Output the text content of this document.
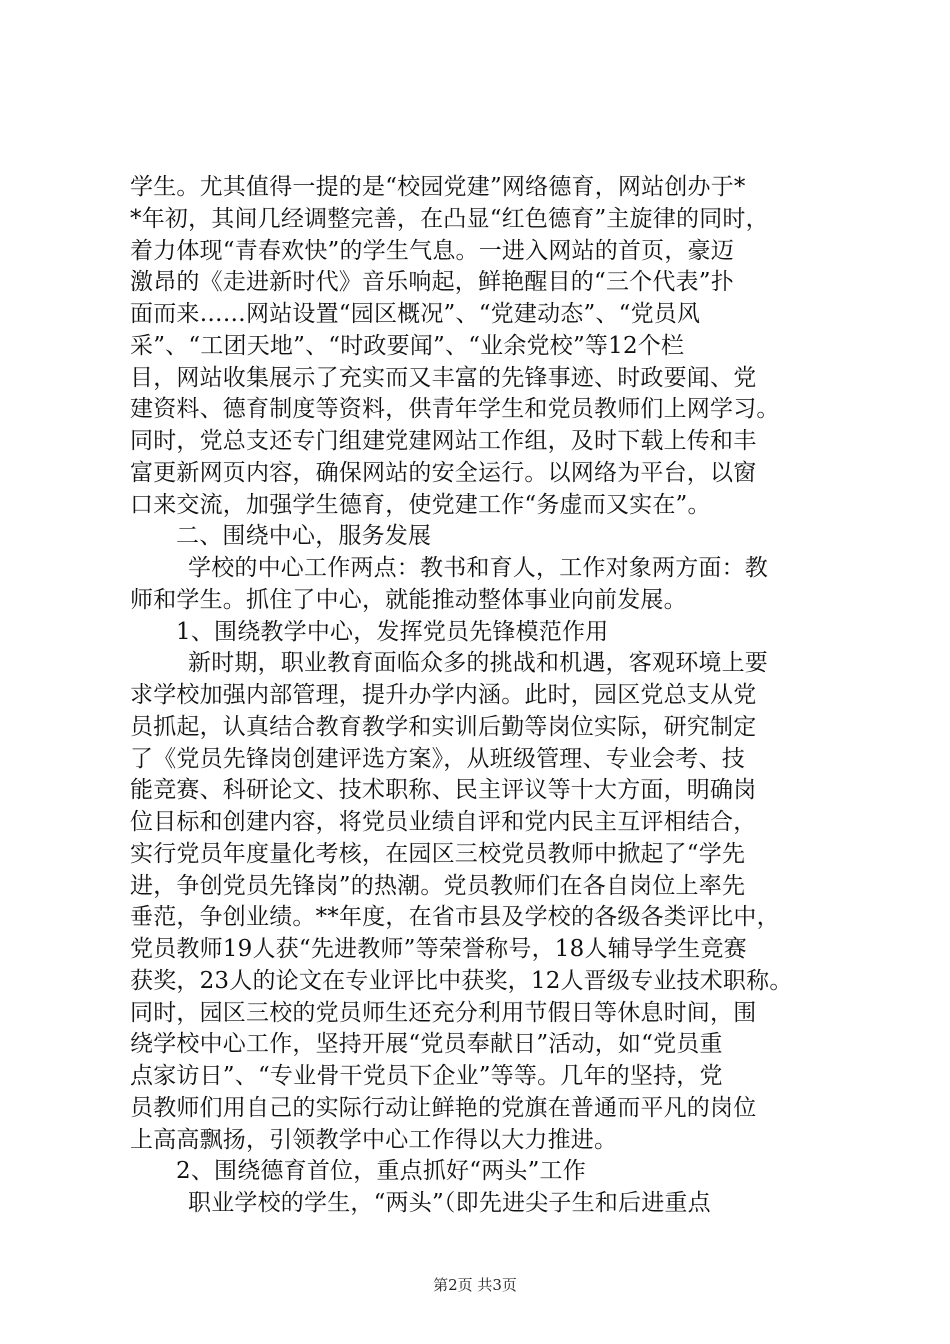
学生。尤其值得一提的是“校园党建”网络德育，网站创办于*
*年初，其间几经调整完善，在凸显“红色德育”主旋律的同时，
着力体现“青春欢快”的学生气息。一进入网站的首页，豪迈
激昂的《走进新时代》音乐响起，鲜艳醒目的“三个代表”扑
面而来……网站设置“园区概况”、“党建动态”、“党员风
采”、“工团天地”、“时政要闻”、“业余党校”等12个栏
目，网站收集展示了充实而又丰富的先锋事迹、时政要闻、党
建资料、德育制度等资料，供青年学生和党员教师们上网学习。
同时，党总支还专门组建党建网站工作组，及时下载上传和丰
富更新网页内容，确保网站的安全运行。以网络为平台，以窗
口来交流，加强学生德育，使党建工作“务虚而又实在”。
二、围绕中心，服务发展
学校的中心工作两点：教书和育人，工作对象两方面：教
师和学生。抓住了中心，就能推动整体事业向前发展。
1、围绕教学中心，发挥党员先锋模范作用
新时期，职业教育面临众多的挑战和机遇，客观环境上要
求学校加强内部管理，提升办学内涵。此时，园区党总支从党
员抓起，认真结合教育教学和实训后勤等岗位实际，研究制定
了《党员先锋岗创建评选方案》，从班级管理、专业会考、技
能竞赛、科研论文、技术职称、民主评议等十大方面，明确岗
位目标和创建内容，将党员业绩自评和党内民主互评相结合，
实行党员年度量化考核，在园区三校党员教师中掀起了“学先
进，争创党员先锋岗”的热潮。党员教师们在各自岗位上率先
垂范，争创业绩。**年度，在省市县及学校的各级各类评比中，
党员教师19人获“先进教师”等荣誉称号，18人辅导学生竞赛
获奖，23人的论文在专业评比中获奖，12人晋级专业技术职称。
同时，园区三校的党员师生还充分利用节假日等休息时间，围
绕学校中心工作，坚持开展“党员奉献日”活动，如“党员重
点家访日”、“专业骨干党员下企业”等等。几年的坚持，党
员教师们用自己的实际行动让鲜艳的党旗在普通而平凡的岗位
上高高飘扬，引领教学中心工作得以大力推进。
2、围绕德育首位，重点抓好“两头”工作
职业学校的学生，“两头”（即先进尖子生和后进重点
第2页 共3页
